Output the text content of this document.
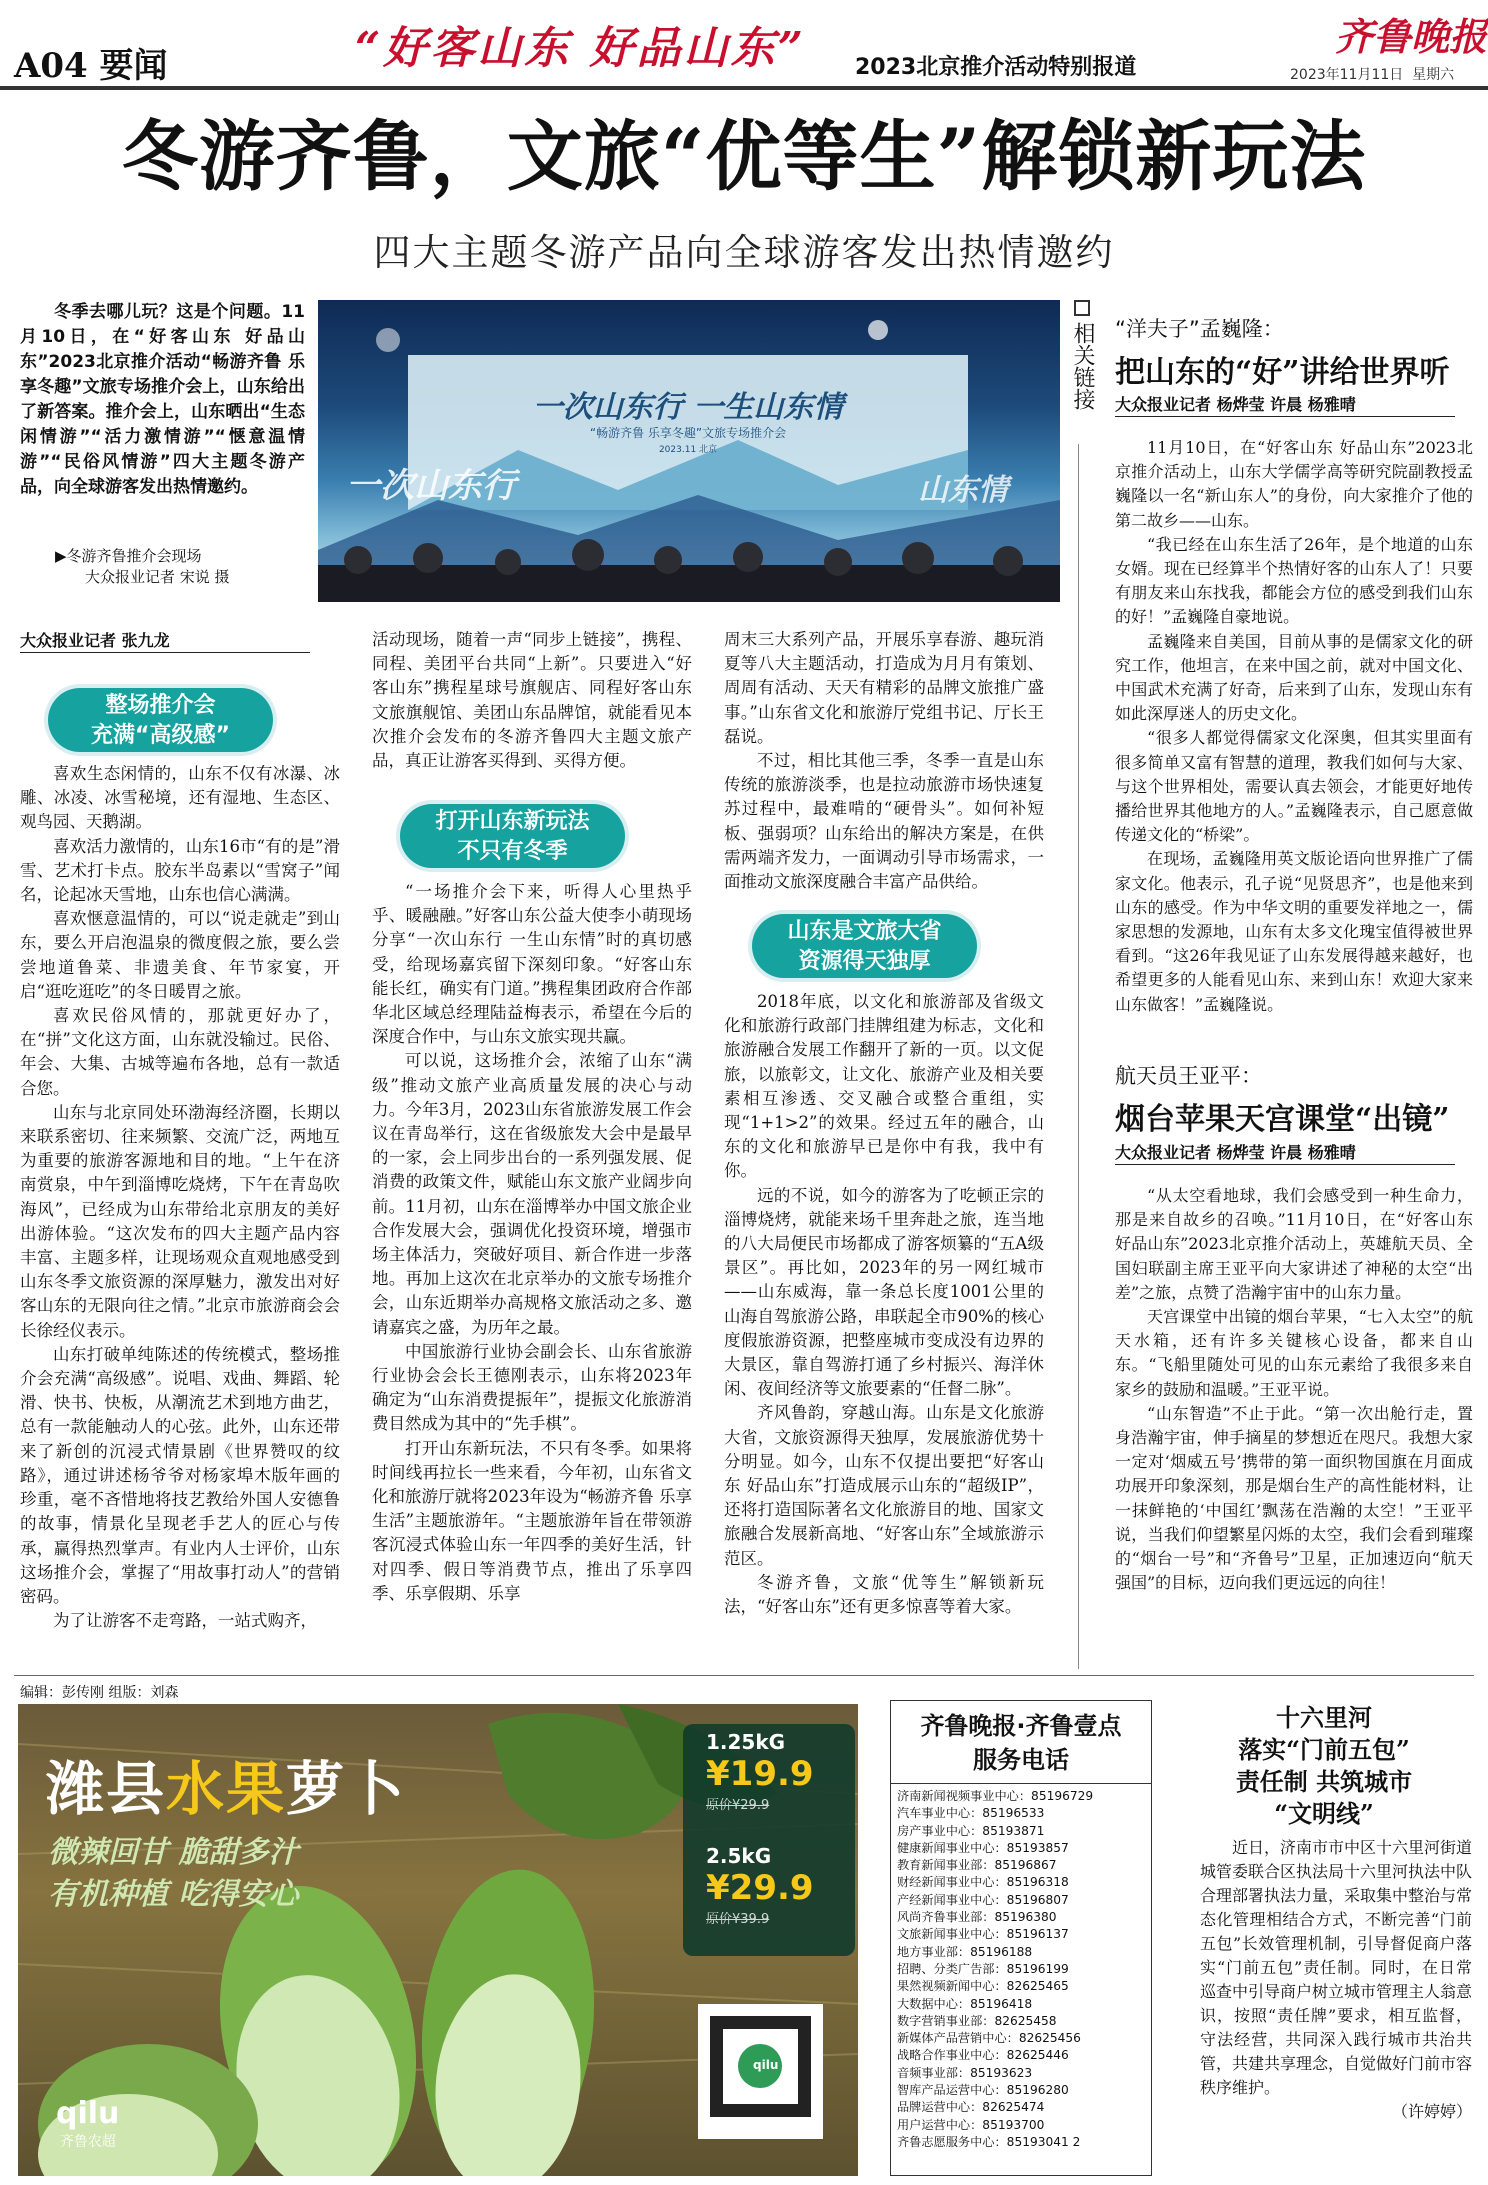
A04 要闻	“好客山东 好品山东” 2023北京推介活动特别报道
齐鲁晚报
2023年11月11日 星期六
冬游齐鲁，文旅“优等生”解锁新玩法
四大主题冬游产品向全球游客发出热情邀约

冬季去哪儿玩？这是个问题。11月10日，在“好客山东 好品山东”2023北京推介活动“畅游齐鲁 乐享冬趣”文旅专场推介会上，山东给出了新答案。推介会上，山东晒出“生态闲情游”“活力激情游”“惬意温情游”“民俗风情游”四大主题冬游产品，向全球游客发出热情邀约。

一次山东行 一生山东情
“畅游齐鲁 乐享冬趣”文旅专场推介会
2023.11 北京
一次山东行	山东情
▶冬游齐鲁推介会现场
大众报业记者 宋说 摄
大众报业记者 张九龙
整场推介会
充满“高级感”
打开山东新玩法
不只有冬季
山东是文旅大省
资源得天独厚

喜欢生态闲情的，山东不仅有冰瀑、冰雕、冰凌、冰雪秘境，还有湿地、生态区、观鸟园、天鹅湖。

喜欢活力激情的，山东16市“有的是”滑雪、艺术打卡点。胶东半岛素以“雪窝子”闻名，论起冰天雪地，山东也信心满满。

喜欢惬意温情的，可以“说走就走”到山东，要么开启泡温泉的微度假之旅，要么尝尝地道鲁菜、非遗美食、年节家宴，开启“逛吃逛吃”的冬日暖胃之旅。

喜欢民俗风情的，那就更好办了，在“拼”文化这方面，山东就没输过。民俗、年会、大集、古城等遍布各地，总有一款适合您。

山东与北京同处环渤海经济圈，长期以来联系密切、往来频繁、交流广泛，两地互为重要的旅游客源地和目的地。“上午在济南赏泉，中午到淄博吃烧烤，下午在青岛吹海风”，已经成为山东带给北京朋友的美好出游体验。“这次发布的四大主题产品内容丰富、主题多样，让现场观众直观地感受到山东冬季文旅资源的深厚魅力，激发出对好客山东的无限向往之情。”北京市旅游商会会长徐经仪表示。

山东打破单纯陈述的传统模式，整场推介会充满“高级感”。说唱、戏曲、舞蹈、轮滑、快书、快板，从潮流艺术到地方曲艺，总有一款能触动人的心弦。此外，山东还带来了新创的沉浸式情景剧《世界赞叹的纹路》，通过讲述杨爷爷对杨家埠木版年画的珍重，毫不吝惜地将技艺教给外国人安德鲁的故事，情景化呈现老手艺人的匠心与传承，赢得热烈掌声。有业内人士评价，山东这场推介会，掌握了“用故事打动人”的营销密码。

为了让游客不走弯路，一站式购齐，

活动现场，随着一声“同步上链接”，携程、同程、美团平台共同“上新”。只要进入“好客山东”携程星球号旗舰店、同程好客山东文旅旗舰馆、美团山东品牌馆，就能看见本次推介会发布的冬游齐鲁四大主题文旅产品，真正让游客买得到、买得方便。

“一场推介会下来，听得人心里热乎乎、暖融融。”好客山东公益大使李小萌现场分享“一次山东行 一生山东情”时的真切感受，给现场嘉宾留下深刻印象。“好客山东能长红，确实有门道。”携程集团政府合作部华北区域总经理陆益梅表示，希望在今后的深度合作中，与山东文旅实现共赢。

可以说，这场推介会，浓缩了山东“满级”推动文旅产业高质量发展的决心与动力。今年3月，2023山东省旅游发展工作会议在青岛举行，这在省级旅发大会中是最早的一家，会上同步出台的一系列强发展、促消费的政策文件，赋能山东文旅产业阔步向前。11月初，山东在淄博举办中国文旅企业合作发展大会，强调优化投资环境，增强市场主体活力，突破好项目、新合作进一步落地。再加上这次在北京举办的文旅专场推介会，山东近期举办高规格文旅活动之多、邀请嘉宾之盛，为历年之最。

中国旅游行业协会副会长、山东省旅游行业协会会长王德刚表示，山东将2023年确定为“山东消费提振年”，提振文化旅游消费目然成为其中的“先手棋”。

打开山东新玩法，不只有冬季。如果将时间线再拉长一些来看，今年初，山东省文化和旅游厅就将2023年设为“畅游齐鲁 乐享生活”主题旅游年。“主题旅游年旨在带领游客沉浸式体验山东一年四季的美好生活，针对四季、假日等消费节点，推出了乐享四季、乐享假期、乐享

周末三大系列产品，开展乐享春游、趣玩消夏等八大主题活动，打造成为月月有策划、周周有活动、天天有精彩的品牌文旅推广盛事。”山东省文化和旅游厅党组书记、厅长王磊说。

不过，相比其他三季，冬季一直是山东传统的旅游淡季，也是拉动旅游市场快速复苏过程中，最难啃的“硬骨头”。如何补短板、强弱项？山东给出的解决方案是，在供需两端齐发力，一面调动引导市场需求，一面推动文旅深度融合丰富产品供给。

2018年底，以文化和旅游部及省级文化和旅游行政部门挂牌组建为标志，文化和旅游融合发展工作翻开了新的一页。以文促旅，以旅彰文，让文化、旅游产业及相关要素相互渗透、交叉融合或整合重组，实现“1+1>2”的效果。经过五年的融合，山东的文化和旅游早已是你中有我，我中有你。

远的不说，如今的游客为了吃顿正宗的淄博烧烤，就能来场千里奔赴之旅，连当地的八大局便民市场都成了游客烦纂的“五A级景区”。再比如，2023年的另一网红城市——山东威海，靠一条总长度1001公里的山海自驾旅游公路，串联起全市90%的核心度假旅游资源，把整座城市变成没有边界的大景区，靠自驾游打通了乡村振兴、海洋休闲、夜间经济等文旅要素的“任督二脉”。

齐风鲁韵，穿越山海。山东是文化旅游大省，文旅资源得天独厚，发展旅游优势十分明显。如今，山东不仅提出要把“好客山东 好品山东”打造成展示山东的“超级IP”，还将打造国际著名文化旅游目的地、国家文旅融合发展新高地、“好客山东”全域旅游示范区。

冬游齐鲁，文旅“优等生”解锁新玩法，“好客山东”还有更多惊喜等着大家。

相关链接 “洋夫子”孟巍隆：
把山东的“好”讲给世界听
大众报业记者 杨烨莹 许晨 杨雅晴

11月10日，在“好客山东 好品山东”2023北京推介活动上，山东大学儒学高等研究院副教授孟巍隆以一名“新山东人”的身份，向大家推介了他的第二故乡——山东。

“我已经在山东生活了26年，是个地道的山东女婿。现在已经算半个热情好客的山东人了！只要有朋友来山东找我，都能会方位的感受到我们山东的好！”孟巍隆自豪地说。

孟巍隆来自美国，目前从事的是儒家文化的研究工作，他坦言，在来中国之前，就对中国文化、中国武术充满了好奇，后来到了山东，发现山东有如此深厚迷人的历史文化。

“很多人都觉得儒家文化深奥，但其实里面有很多简单又富有智慧的道理，教我们如何与大家、与这个世界相处，需要认真去领会，才能更好地传播给世界其他地方的人。”孟巍隆表示，自己愿意做传递文化的“桥梁”。

在现场，孟巍隆用英文版论语向世界推广了儒家文化。他表示，孔子说“见贤思齐”，也是他来到山东的感受。作为中华文明的重要发祥地之一，儒家思想的发源地，山东有太多文化瑰宝值得被世界看到。“这26年我见证了山东发展得越来越好，也希望更多的人能看见山东、来到山东！欢迎大家来山东做客！”孟巍隆说。

航天员王亚平：
烟台苹果天宫课堂“出镜”
大众报业记者 杨烨莹 许晨 杨雅晴

“从太空看地球，我们会感受到一种生命力，那是来自故乡的召唤。”11月10日，在“好客山东 好品山东”2023北京推介活动上，英雄航天员、全国妇联副主席王亚平向大家讲述了神秘的太空“出差”之旅，点赞了浩瀚宇宙中的山东力量。

天宫课堂中出镜的烟台苹果，“七入太空”的航天水箱，还有许多关键核心设备，都来自山东。“飞船里随处可见的山东元素给了我很多来自家乡的鼓励和温暖。”王亚平说。

“山东智造”不止于此。“第一次出舱行走，置身浩瀚宇宙，伸手摘星的梦想近在咫尺。我想大家一定对‘烟威五号’携带的第一面织物国旗在月面成功展开印象深刻，那是烟台生产的高性能材料，让一抹鲜艳的‘中国红’飘荡在浩瀚的太空！”王亚平说，当我们仰望繁星闪烁的太空，我们会看到璀璨的“烟台一号”和“齐鲁号”卫星，正加速迈向“航天强国”的目标，迈向我们更远远的向往！

编辑：彭传刚 组版：刘森
潍县水果萝卜
微辣回甘 脆甜多汁
有机种植 吃得安心
1.25kG
¥19.9
原价¥29.9
2.5kG
¥29.9
原价¥39.9
qilu
齐鲁农超
qilu
齐鲁晚报·齐鲁壹点
服务电话
济南新闻视频事业中心：85196729
汽车事业中心：85196533
房产事业中心：85193871
健康新闻事业中心：85193857
教育新闻事业部：85196867
财经新闻事业中心：85196318
产经新闻事业中心：85196807
风尚齐鲁事业部：85196380
文旅新闻事业中心：85196137
地方事业部：85196188
招聘、分类广告部：85196199
果然视频新闻中心：82625465
大数据中心：85196418
数字营销事业部：82625458
新媒体产品营销中心：82625456
战略合作事业中心：82625446
音频事业部：85193623
智库产品运营中心：85196280
品牌运营中心：82625474
用户运营中心：85193700
齐鲁志愿服务中心：85193041 2
十六里河
落实“门前五包”
责任制 共筑城市
“文明线”

近日，济南市市中区十六里河街道城管委联合区执法局十六里河执法中队合理部署执法力量，采取集中整治与常态化管理相结合方式，不断完善“门前五包”长效管理机制，引导督促商户落实“门前五包”责任制。同时，在日常巡查中引导商户树立城市管理主人翁意识，按照“责任牌”要求，相互监督，守法经营，共同深入践行城市共治共管，共建共享理念，自觉做好门前市容秩序维护。

（许婷婷）
